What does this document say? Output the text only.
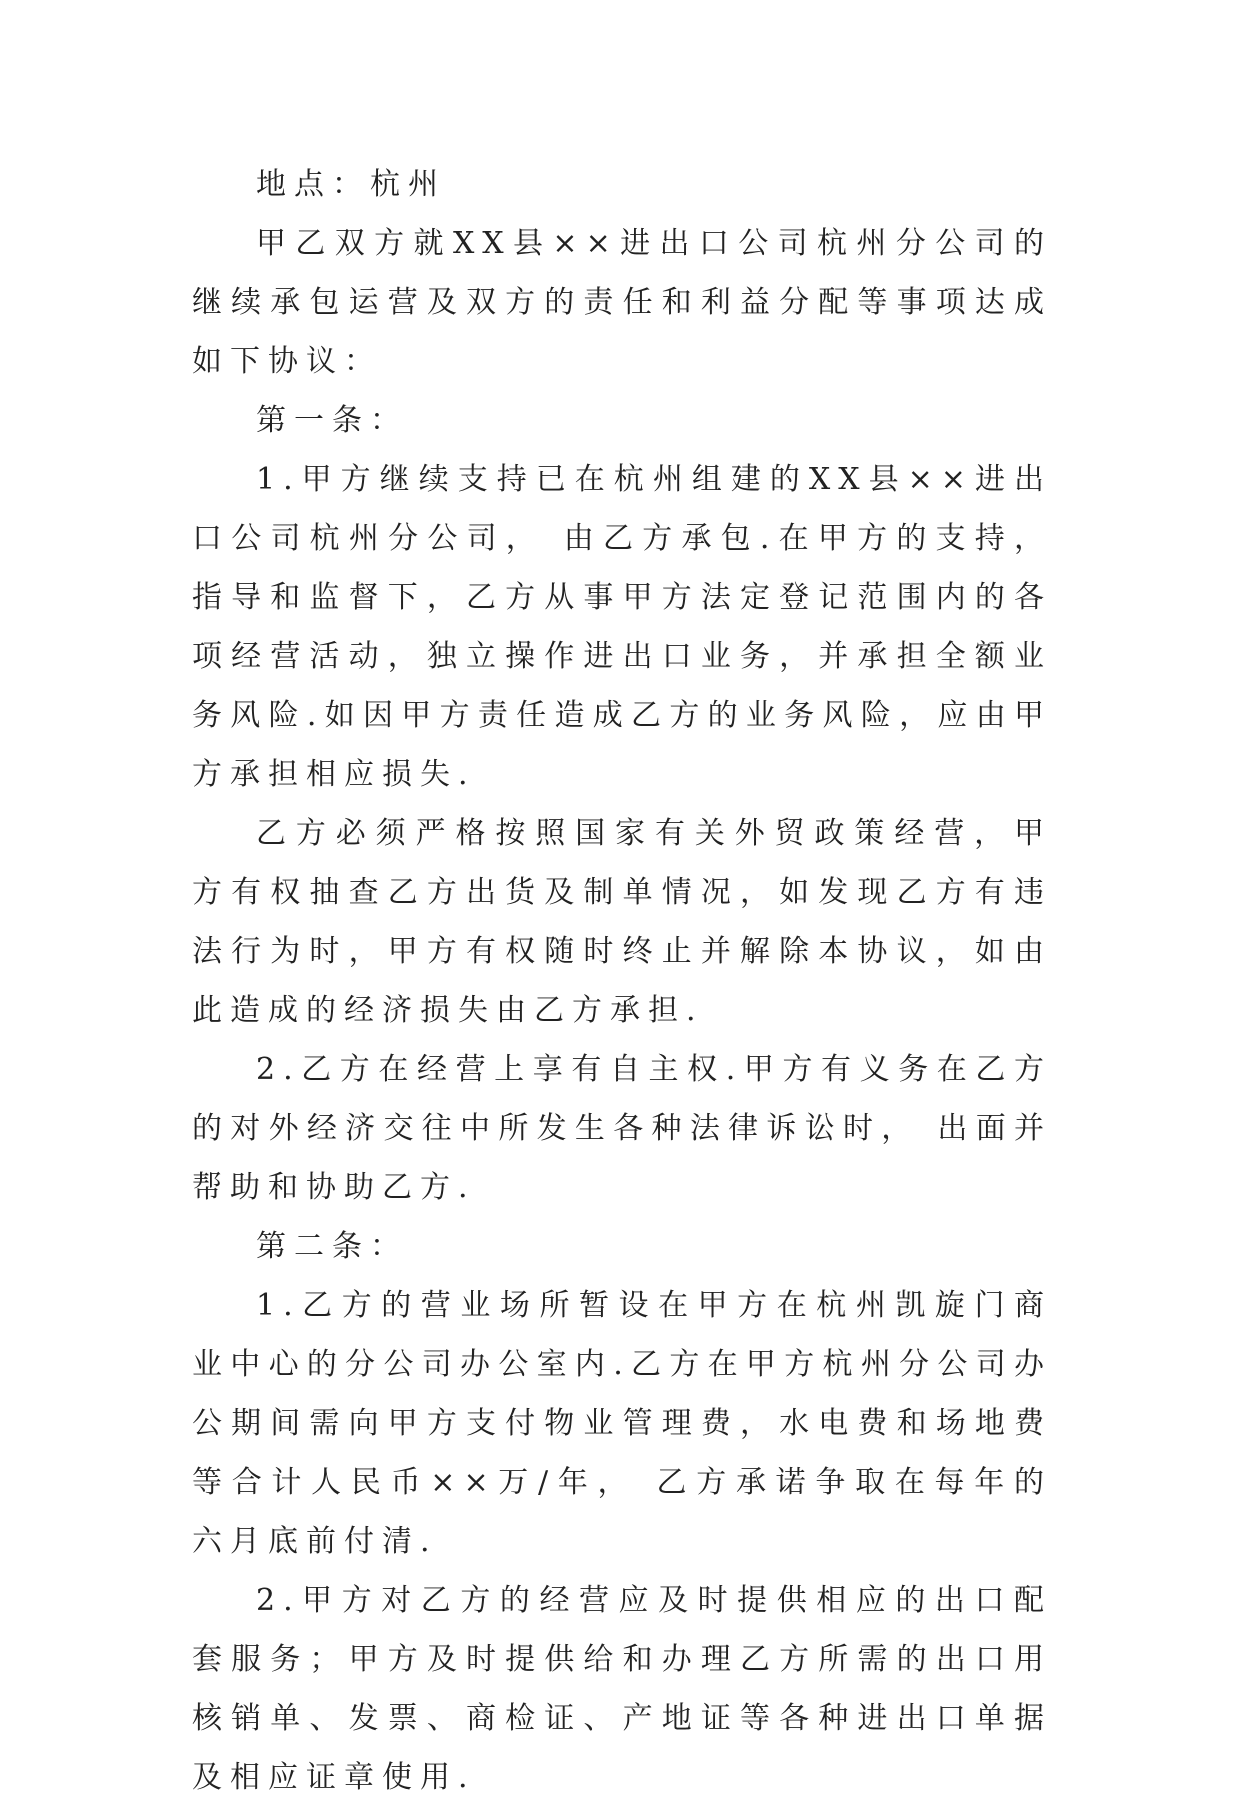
地点：杭州

甲乙双方就XX县××进出口公司杭州分公司的继续承包运营及双方的责任和利益分配等事项达成如下协议：

第一条：

1.甲方继续支持已在杭州组建的XX县××进出口公司杭州分公司， 由乙方承包.在甲方的支持，指导和监督下，乙方从事甲方法定登记范围内的各项经营活动，独立操作进出口业务，并承担全额业务风险.如因甲方责任造成乙方的业务风险，应由甲方承担相应损失.

乙方必须严格按照国家有关外贸政策经营，甲方有权抽查乙方出货及制单情况，如发现乙方有违法行为时，甲方有权随时终止并解除本协议，如由此造成的经济损失由乙方承担.

2.乙方在经营上享有自主权.甲方有义务在乙方的对外经济交往中所发生各种法律诉讼时， 出面并帮助和协助乙方.

第二条：

1.乙方的营业场所暂设在甲方在杭州凯旋门商业中心的分公司办公室内.乙方在甲方杭州分公司办公期间需向甲方支付物业管理费，水电费和场地费等合计人民币××万/年， 乙方承诺争取在每年的六月底前付清.

2.甲方对乙方的经营应及时提供相应的出口配套服务；甲方及时提供给和办理乙方所需的出口用核销单、发票、商检证、产地证等各种进出口单据及相应证章使用.
